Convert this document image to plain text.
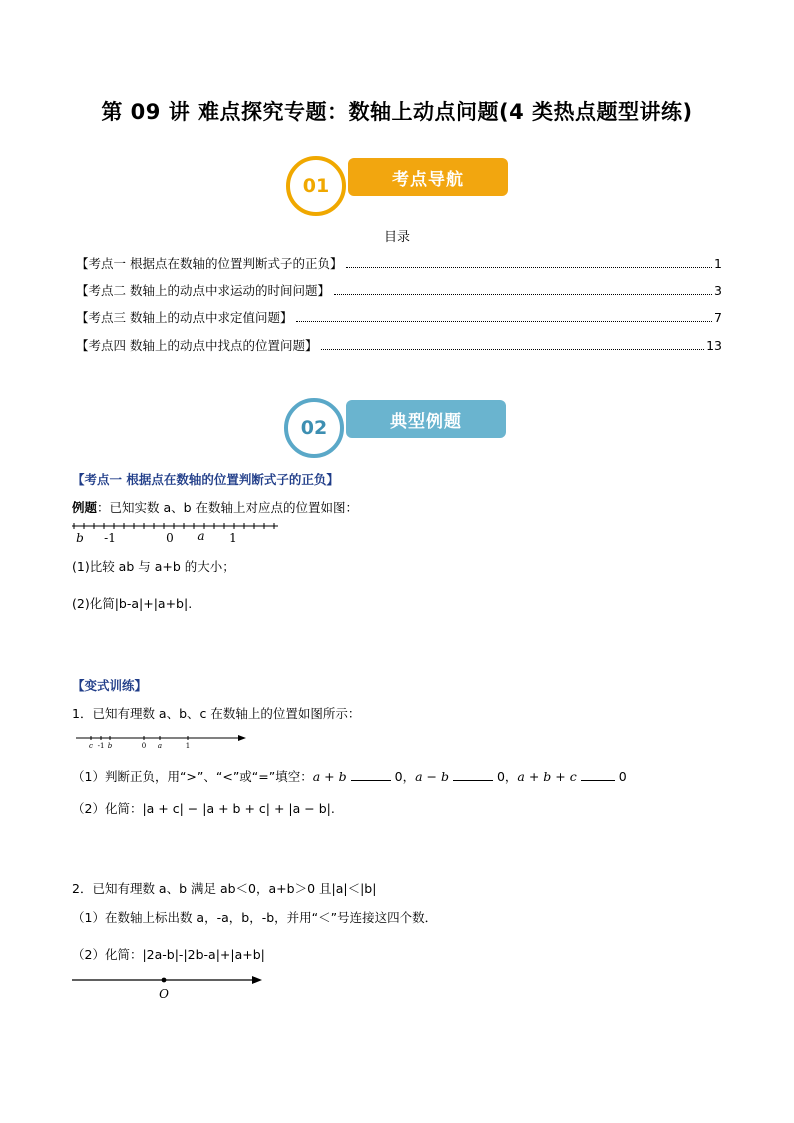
第 09 讲 难点探究专题：数轴上动点问题(4 类热点题型讲练)
01	考点导航
目录
【考点一 根据点在数轴的位置判断式子的正负】	1
【考点二 数轴上的动点中求运动的时间问题】	3
【考点三 数轴上的动点中求定值问题】	7
【考点四 数轴上的动点中找点的位置问题】	13
02	典型例题
【考点一 根据点在数轴的位置判断式子的正负】
例题：已知实数 a、b 在数轴上对应点的位置如图：
b -1	0 a 1
(1)比较 ab 与 a+b 的大小；
(2)化简|b-a|+|a+b|.
【变式训练】
1．已知有理数 a、b、c 在数轴上的位置如图所示：
c -1 b	0 a	1
（1）判断正负，用“>”、“<”或“=”填空：a + b	0，a − b	0，a + b + c	0
（2）化简：|a + c| − |a + b + c| + |a − b|.
2．已知有理数 a、b 满足 ab＜0，a+b＞0 且|a|＜|b|
（1）在数轴上标出数 a，-a，b，-b，并用“＜”号连接这四个数．
（2）化简：|2a-b|-|2b-a|+|a+b|
O
